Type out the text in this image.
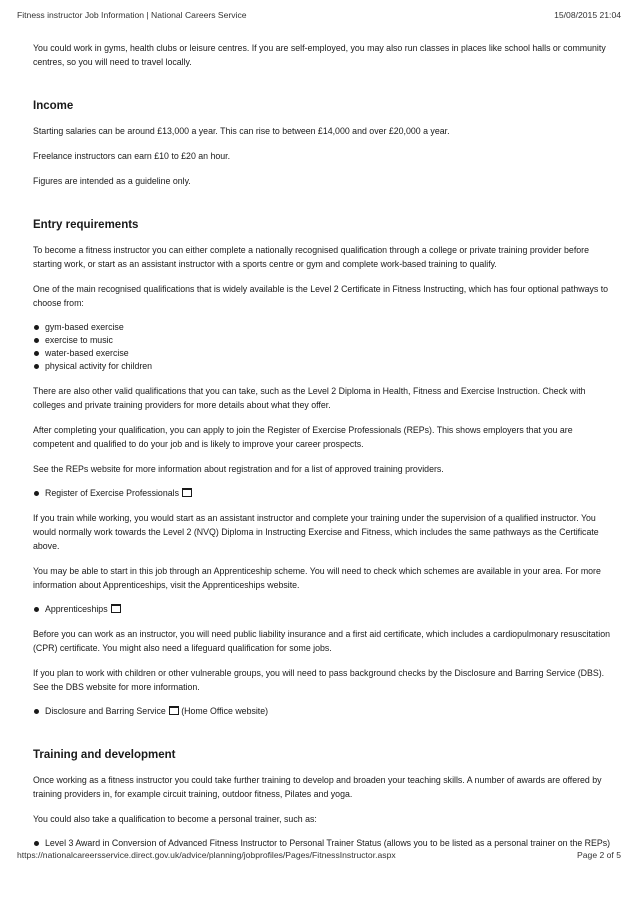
Fitness instructor Job Information | National Careers Service	15/08/2015 21:04

You could work in gyms, health clubs or leisure centres. If you are self-employed, you may also run classes in places like school halls or community centres, so you will need to travel locally.

Income

Starting salaries can be around £13,000 a year. This can rise to between £14,000 and over £20,000 a year.

Freelance instructors can earn £10 to £20 an hour.

Figures are intended as a guideline only.

Entry requirements

To become a fitness instructor you can either complete a nationally recognised qualification through a college or private training provider before starting work, or start as an assistant instructor with a sports centre or gym and complete work-based training to qualify.

One of the main recognised qualifications that is widely available is the Level 2 Certificate in Fitness Instructing, which has four optional pathways to choose from:

gym-based exercise
exercise to music
water-based exercise
physical activity for children

There are also other valid qualifications that you can take, such as the Level 2 Diploma in Health, Fitness and Exercise Instruction. Check with colleges and private training providers for more details about what they offer.

After completing your qualification, you can apply to join the Register of Exercise Professionals (REPs). This shows employers that you are competent and qualified to do your job and is likely to improve your career prospects.

See the REPs website for more information about registration and for a list of approved training providers.

Register of Exercise Professionals

If you train while working, you would start as an assistant instructor and complete your training under the supervision of a qualified instructor. You would normally work towards the Level 2 (NVQ) Diploma in Instructing Exercise and Fitness, which includes the same pathways as the Certificate above.

You may be able to start in this job through an Apprenticeship scheme. You will need to check which schemes are available in your area. For more information about Apprenticeships, visit the Apprenticeships website.

Apprenticeships

Before you can work as an instructor, you will need public liability insurance and a first aid certificate, which includes a cardiopulmonary resuscitation (CPR) certificate. You might also need a lifeguard qualification for some jobs.

If you plan to work with children or other vulnerable groups, you will need to pass background checks by the Disclosure and Barring Service (DBS). See the DBS website for more information.

Disclosure and Barring Service (Home Office website)
Training and development

Once working as a fitness instructor you could take further training to develop and broaden your teaching skills. A number of awards are offered by training providers in, for example circuit training, outdoor fitness, Pilates and yoga.

You could also take a qualification to become a personal trainer, such as:

Level 3 Award in Conversion of Advanced Fitness Instructor to Personal Trainer Status (allows you to be listed as a personal trainer on the REPs)
https://nationalcareersservice.direct.gov.uk/advice/planning/jobprofiles/Pages/FitnessInstructor.aspx	Page 2 of 5
